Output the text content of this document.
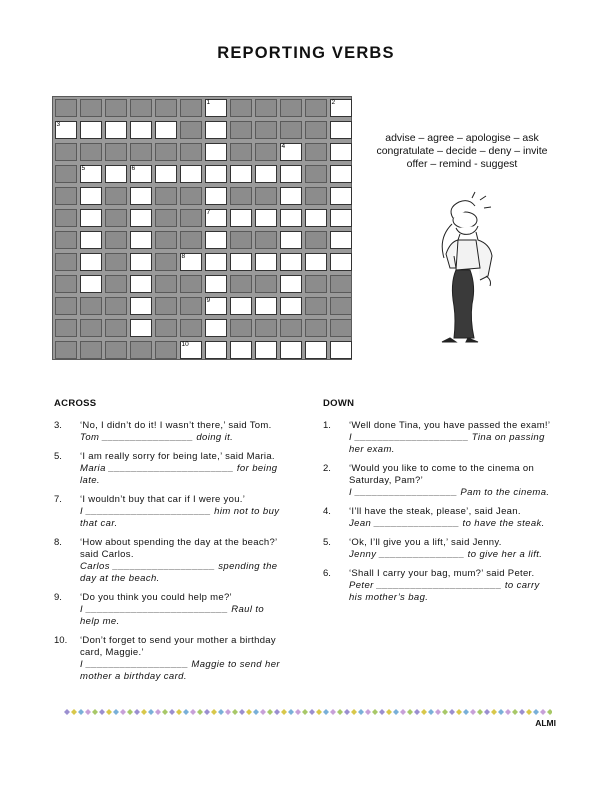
REPORTING VERBS
1	2
3
4
5	6
7
8
9
10
advise – agree – apologise – ask
congratulate – decide – deny – invite
offer – remind - suggest
ACROSS
3. ‘No, I didn’t do it! I wasn’t there,’ said Tom.
Tom ________________ doing it.
5. ‘I am really sorry for being late,’ said Maria.
Maria ______________________ for being late.
7. ‘I wouldn’t buy that car if I were you.’
I ______________________ him not to buy that car.
8. ‘How about spending the day at the beach?’ said Carlos.
Carlos __________________ spending the day at the beach.
9. ‘Do you think you could help me?’
I _________________________ Raul to help me.
10. ‘Don’t forget to send your mother a birthday card, Maggie.’
I __________________ Maggie to send her mother a birthday card.
DOWN
1. ‘Well done Tina, you have passed the exam!’
I ____________________ Tina on passing her exam.
2. ‘Would you like to come to the cinema on Saturday, Pam?’
I __________________ Pam to the cinema.
4. ‘I’ll have the steak, please’, said Jean.
Jean _______________ to have the steak.
5. ‘Ok, I’ll give you a lift,’ said Jenny.
Jenny _______________ to give her a lift.
6. ‘Shall I carry your bag, mum?’ said Peter.
Peter ______________________ to carry his mother’s bag.
ALMI
